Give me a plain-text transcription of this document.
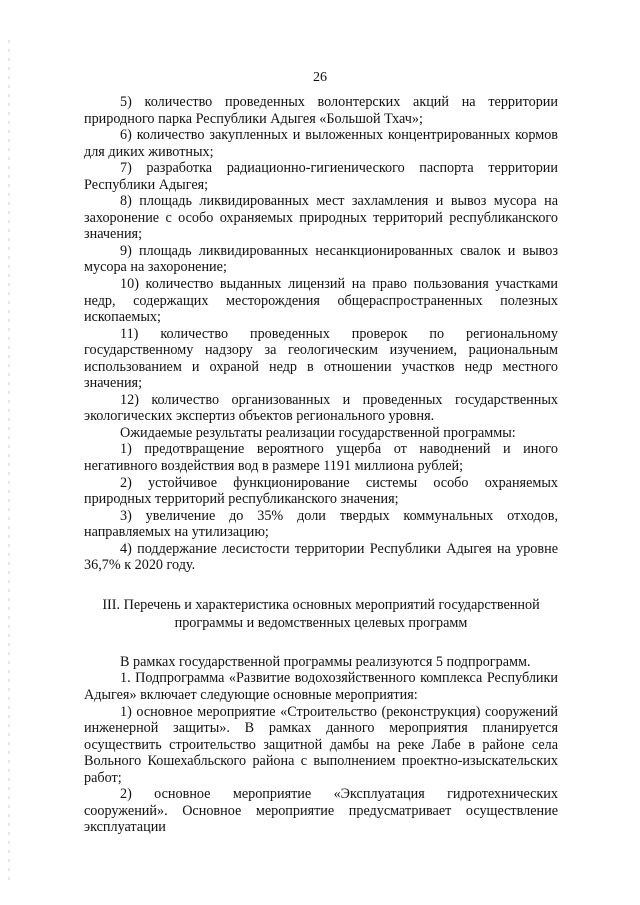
26

5) количество проведенных волонтерских акций на территории природного парка Республики Адыгея «Большой Тхач»;

6) количество закупленных и выложенных концентрированных кормов для диких животных;

7) разработка радиационно-гигиенического паспорта территории Республики Адыгея;

8) площадь ликвидированных мест захламления и вывоз мусора на захоронение с особо охраняемых природных территорий республиканского значения;

9) площадь ликвидированных несанкционированных свалок и вывоз мусора на захоронение;

10) количество выданных лицензий на право пользования участками недр, содержащих месторождения общераспространенных полезных ископаемых;

11) количество проведенных проверок по региональному государственному надзору за геологическим изучением, рациональным использованием и охраной недр в отношении участков недр местного значения;

12) количество организованных и проведенных государственных экологических экспертиз объектов регионального уровня.

Ожидаемые результаты реализации государственной программы:

1) предотвращение вероятного ущерба от наводнений и иного негативного воздействия вод в размере 1191 миллиона рублей;

2) устойчивое функционирование системы особо охраняемых природных территорий республиканского значения;

3) увеличение до 35% доли твердых коммунальных отходов, направляемых на утилизацию;

4) поддержание лесистости территории Республики Адыгея на уровне 36,7% к 2020 году.

III. Перечень и характеристика основных мероприятий государственной
программы и ведомственных целевых программ

В рамках государственной программы реализуются 5 подпрограмм.

1. Подпрограмма «Развитие водохозяйственного комплекса Республики Адыгея» включает следующие основные мероприятия:

1) основное мероприятие «Строительство (реконструкция) сооружений инженерной защиты». В рамках данного мероприятия планируется осуществить строительство защитной дамбы на реке Лабе в районе села Вольного Кошехабльского района с выполнением проектно-изыскательских работ;

2) основное мероприятие «Эксплуатация гидротехнических сооружений». Основное мероприятие предусматривает осуществление эксплуатации
